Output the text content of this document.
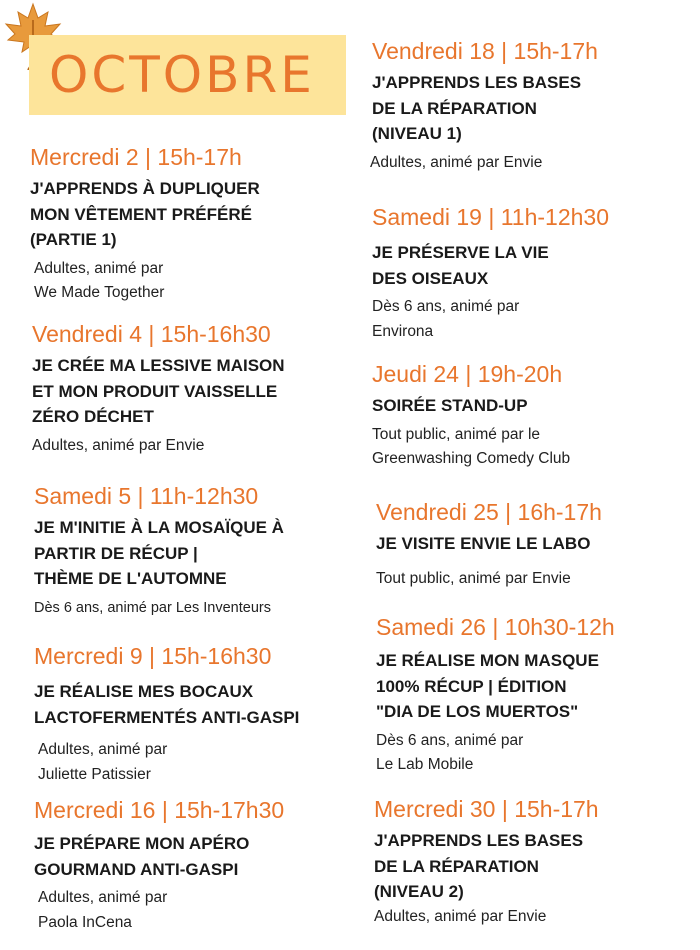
OCTOBRE
Mercredi 2 | 15h-17h
J'APPRENDS À DUPLIQUER
MON VÊTEMENT PRÉFÉRÉ
(PARTIE 1)
Adultes, animé par
We Made Together
Vendredi 4 | 15h-16h30
JE CRÉE MA LESSIVE MAISON
ET MON PRODUIT VAISSELLE
ZÉRO DÉCHET
Adultes, animé par Envie
Samedi 5 | 11h-12h30
JE M'INITIE À LA MOSAÏQUE À
PARTIR DE RÉCUP |
THÈME DE L'AUTOMNE
Dès 6 ans, animé par Les Inventeurs
Mercredi 9 | 15h-16h30
JE RÉALISE MES BOCAUX
LACTOFERMENTÉS ANTI-GASPI
Adultes, animé par
Juliette Patissier
Mercredi 16 | 15h-17h30
JE PRÉPARE MON APÉRO
GOURMAND ANTI-GASPI
Adultes, animé par
Paola InCena
Vendredi 18 | 15h-17h
J'APPRENDS LES BASES
DE LA RÉPARATION
(NIVEAU 1)
Adultes, animé par Envie
Samedi 19 | 11h-12h30
JE PRÉSERVE LA VIE
DES OISEAUX
Dès 6 ans, animé par
Environa
Jeudi 24 | 19h-20h
SOIRÉE STAND-UP
Tout public, animé par le
Greenwashing Comedy Club
Vendredi 25 | 16h-17h
JE VISITE ENVIE LE LABO
Tout public, animé par Envie
Samedi 26 | 10h30-12h
JE RÉALISE MON MASQUE
100% RÉCUP | ÉDITION
"DIA DE LOS MUERTOS"
Dès 6 ans, animé par
Le Lab Mobile
Mercredi 30 | 15h-17h
J'APPRENDS LES BASES
DE LA RÉPARATION
(NIVEAU 2)
Adultes, animé par Envie
